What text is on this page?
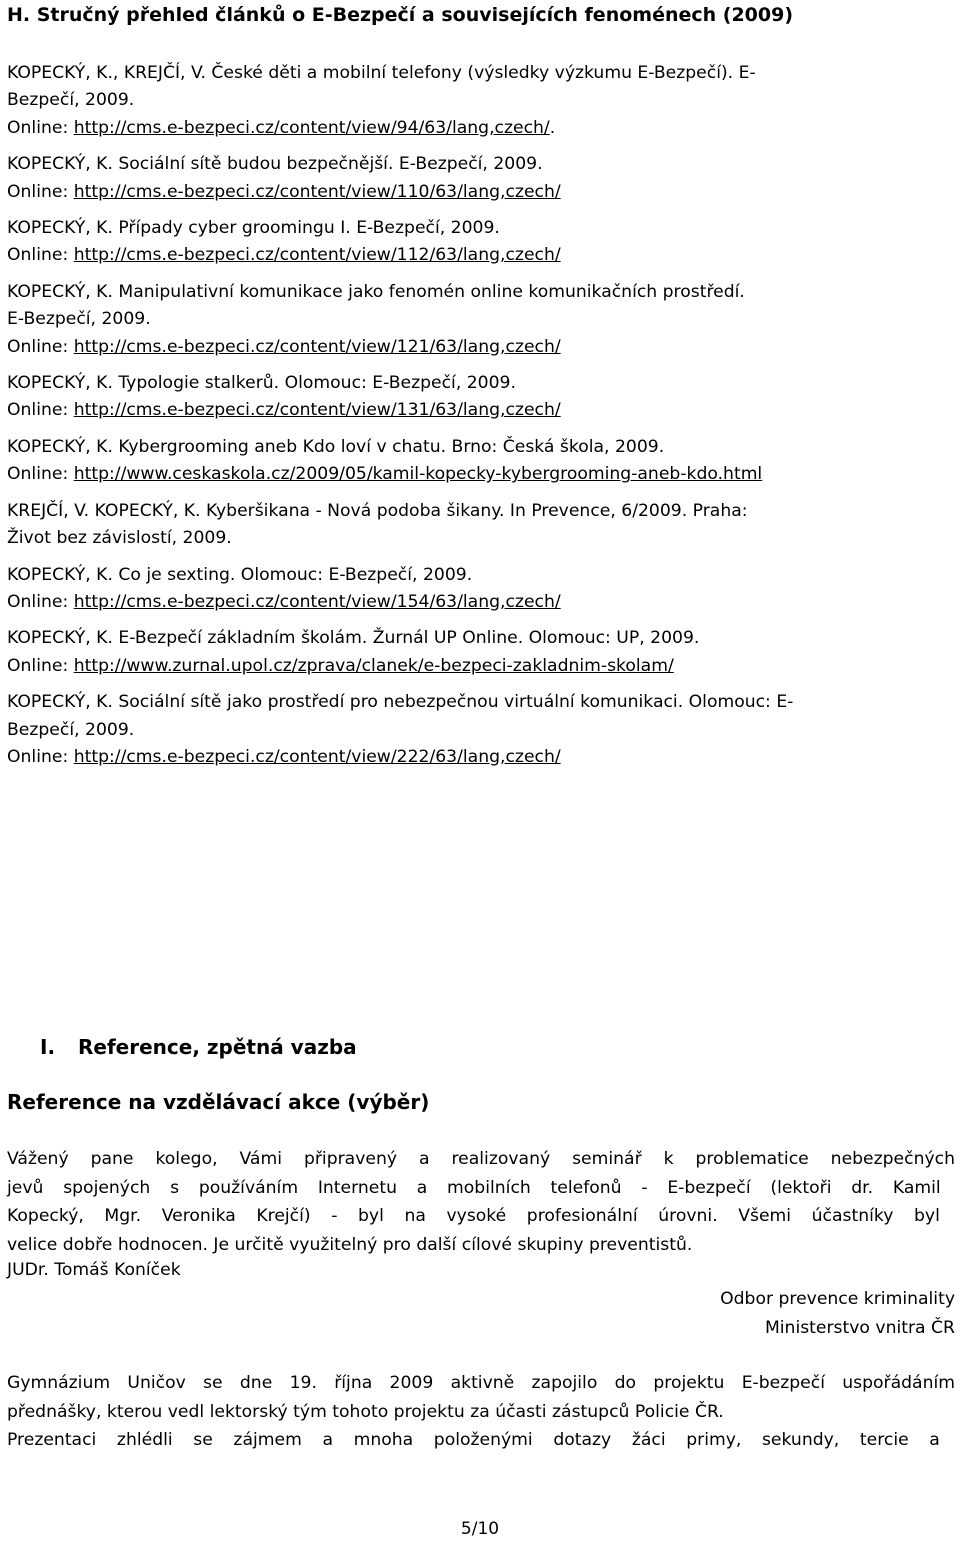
H. Stručný přehled článků o E-Bezpečí a souvisejících fenoménech (2009)

KOPECKÝ, K., KREJČÍ, V. České děti a mobilní telefony (výsledky výzkumu E-Bezpečí). E-
Bezpečí, 2009.
Online: http://cms.e-bezpeci.cz/content/view/94/63/lang,czech/.

KOPECKÝ, K. Sociální sítě budou bezpečnější. E-Bezpečí, 2009.
Online: http://cms.e-bezpeci.cz/content/view/110/63/lang,czech/

KOPECKÝ, K. Případy cyber groomingu I. E-Bezpečí, 2009.
Online: http://cms.e-bezpeci.cz/content/view/112/63/lang,czech/

KOPECKÝ, K. Manipulativní komunikace jako fenomén online komunikačních prostředí.
E-Bezpečí, 2009.
Online: http://cms.e-bezpeci.cz/content/view/121/63/lang,czech/

KOPECKÝ, K. Typologie stalkerů. Olomouc: E-Bezpečí, 2009.
Online: http://cms.e-bezpeci.cz/content/view/131/63/lang,czech/

KOPECKÝ, K. Kybergrooming aneb Kdo loví v chatu. Brno: Česká škola, 2009.
Online: http://www.ceskaskola.cz/2009/05/kamil-kopecky-kybergrooming-aneb-kdo.html

KREJČÍ, V. KOPECKÝ, K. Kyberšikana - Nová podoba šikany. In Prevence, 6/2009. Praha:
Život bez závislostí, 2009.

KOPECKÝ, K. Co je sexting. Olomouc: E-Bezpečí, 2009.
Online: http://cms.e-bezpeci.cz/content/view/154/63/lang,czech/

KOPECKÝ, K. E-Bezpečí základním školám. Žurnál UP Online. Olomouc: UP, 2009.
Online: http://www.zurnal.upol.cz/zprava/clanek/e-bezpeci-zakladnim-skolam/

KOPECKÝ, K. Sociální sítě jako prostředí pro nebezpečnou virtuální komunikaci. Olomouc: E-
Bezpečí, 2009.
Online: http://cms.e-bezpeci.cz/content/view/222/63/lang,czech/

I. Reference, zpětná vazba
Reference na vzdělávací akce (výběr)
Vážený pane kolego, Vámi připravený a realizovaný seminář k problematice nebezpečných
jevů spojených s používáním Internetu a mobilních telefonů - E-bezpečí (lektoři dr. Kamil
Kopecký, Mgr. Veronika Krejčí) - byl na vysoké profesionální úrovni. Všemi účastníky byl
velice dobře hodnocen. Je určitě využitelný pro další cílové skupiny preventistů.

JUDr. Tomáš Koníček

Odbor prevence kriminality
Ministerstvo vnitra ČR

Gymnázium Uničov se dne 19. října 2009 aktivně zapojilo do projektu E-bezpečí uspořádáním
přednášky, kterou vedl lektorský tým tohoto projektu za účasti zástupců Policie ČR.
Prezentaci zhlédli se zájmem a mnoha položenými dotazy žáci primy, sekundy, tercie a
5/10
